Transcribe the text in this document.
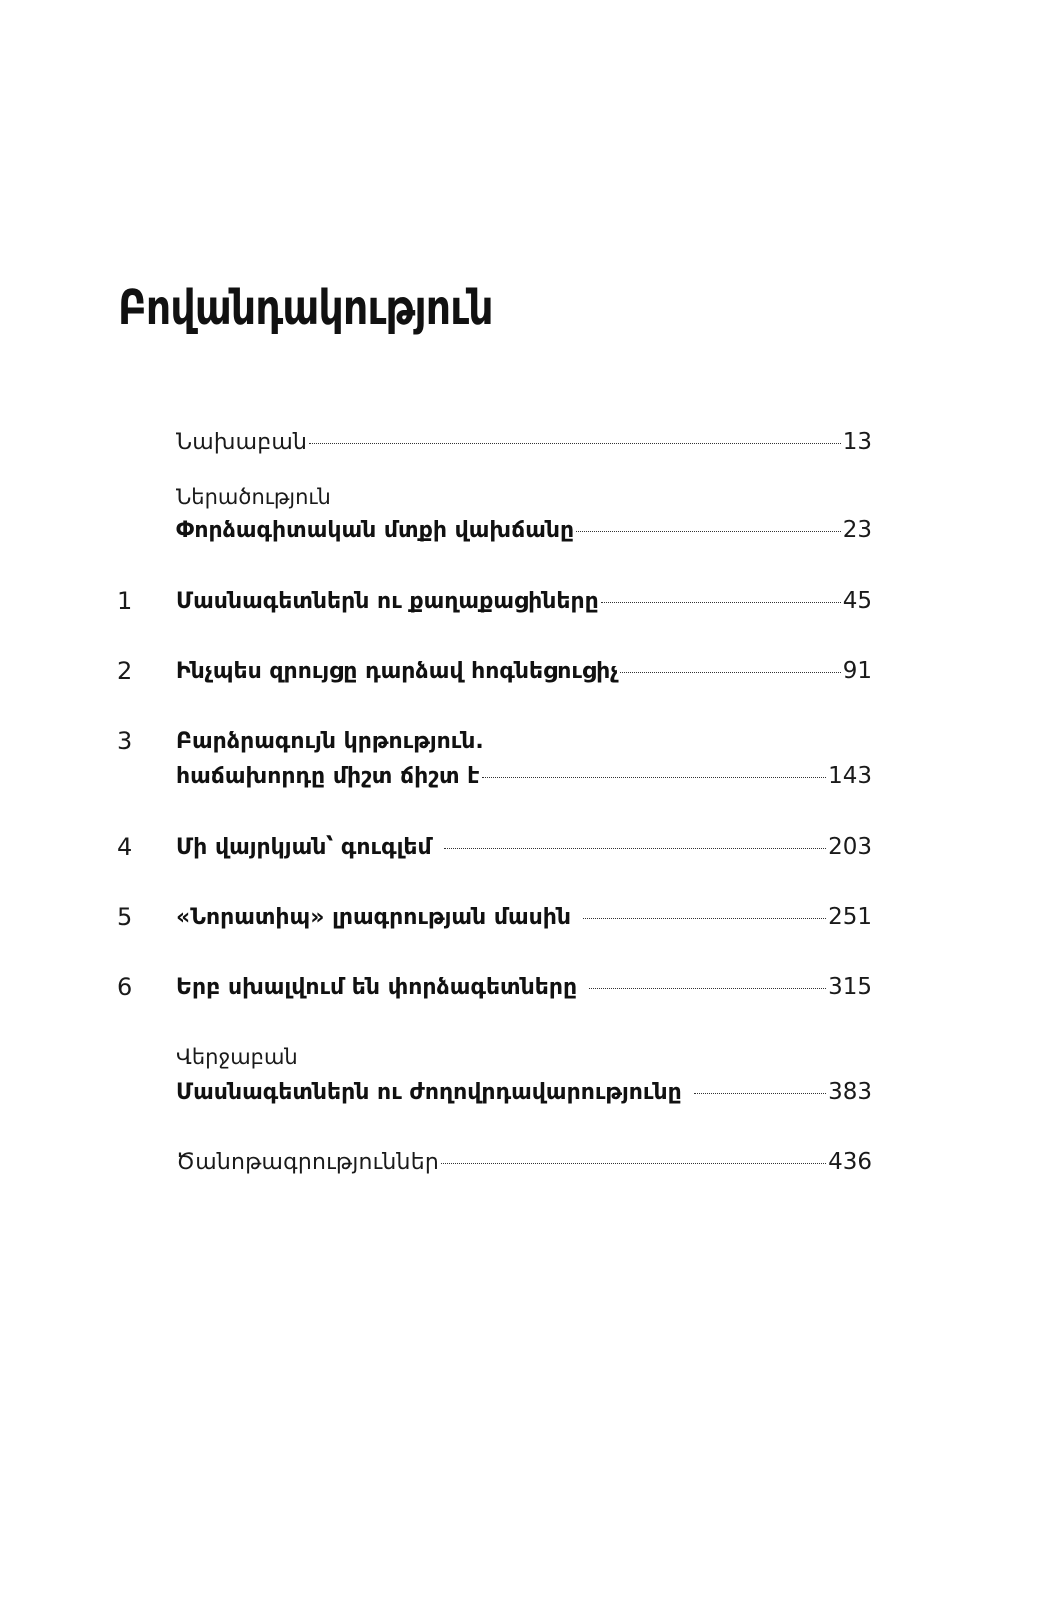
Բովանդակություն
Նախաբան	13
Ներածություն
Փորձագիտական մտքի վախճանը	23
1	Մասնագետներն ու քաղաքացիները	45
2	Ինչպես զրույցը դարձավ հոգնեցուցիչ	91
3	Բարձրագույն կրթություն.
հաճախորդը միշտ ճիշտ է	143
4	Մի վայրկյան՝ գուգլեմ	203
5	«Նորատիպ» լրագրության մասին	251
6	Երբ սխալվում են փորձագետները	315
Վերջաբան
Մասնագետներն ու ժողովրդավարությունը	383
Ծանոթագրություններ	436
